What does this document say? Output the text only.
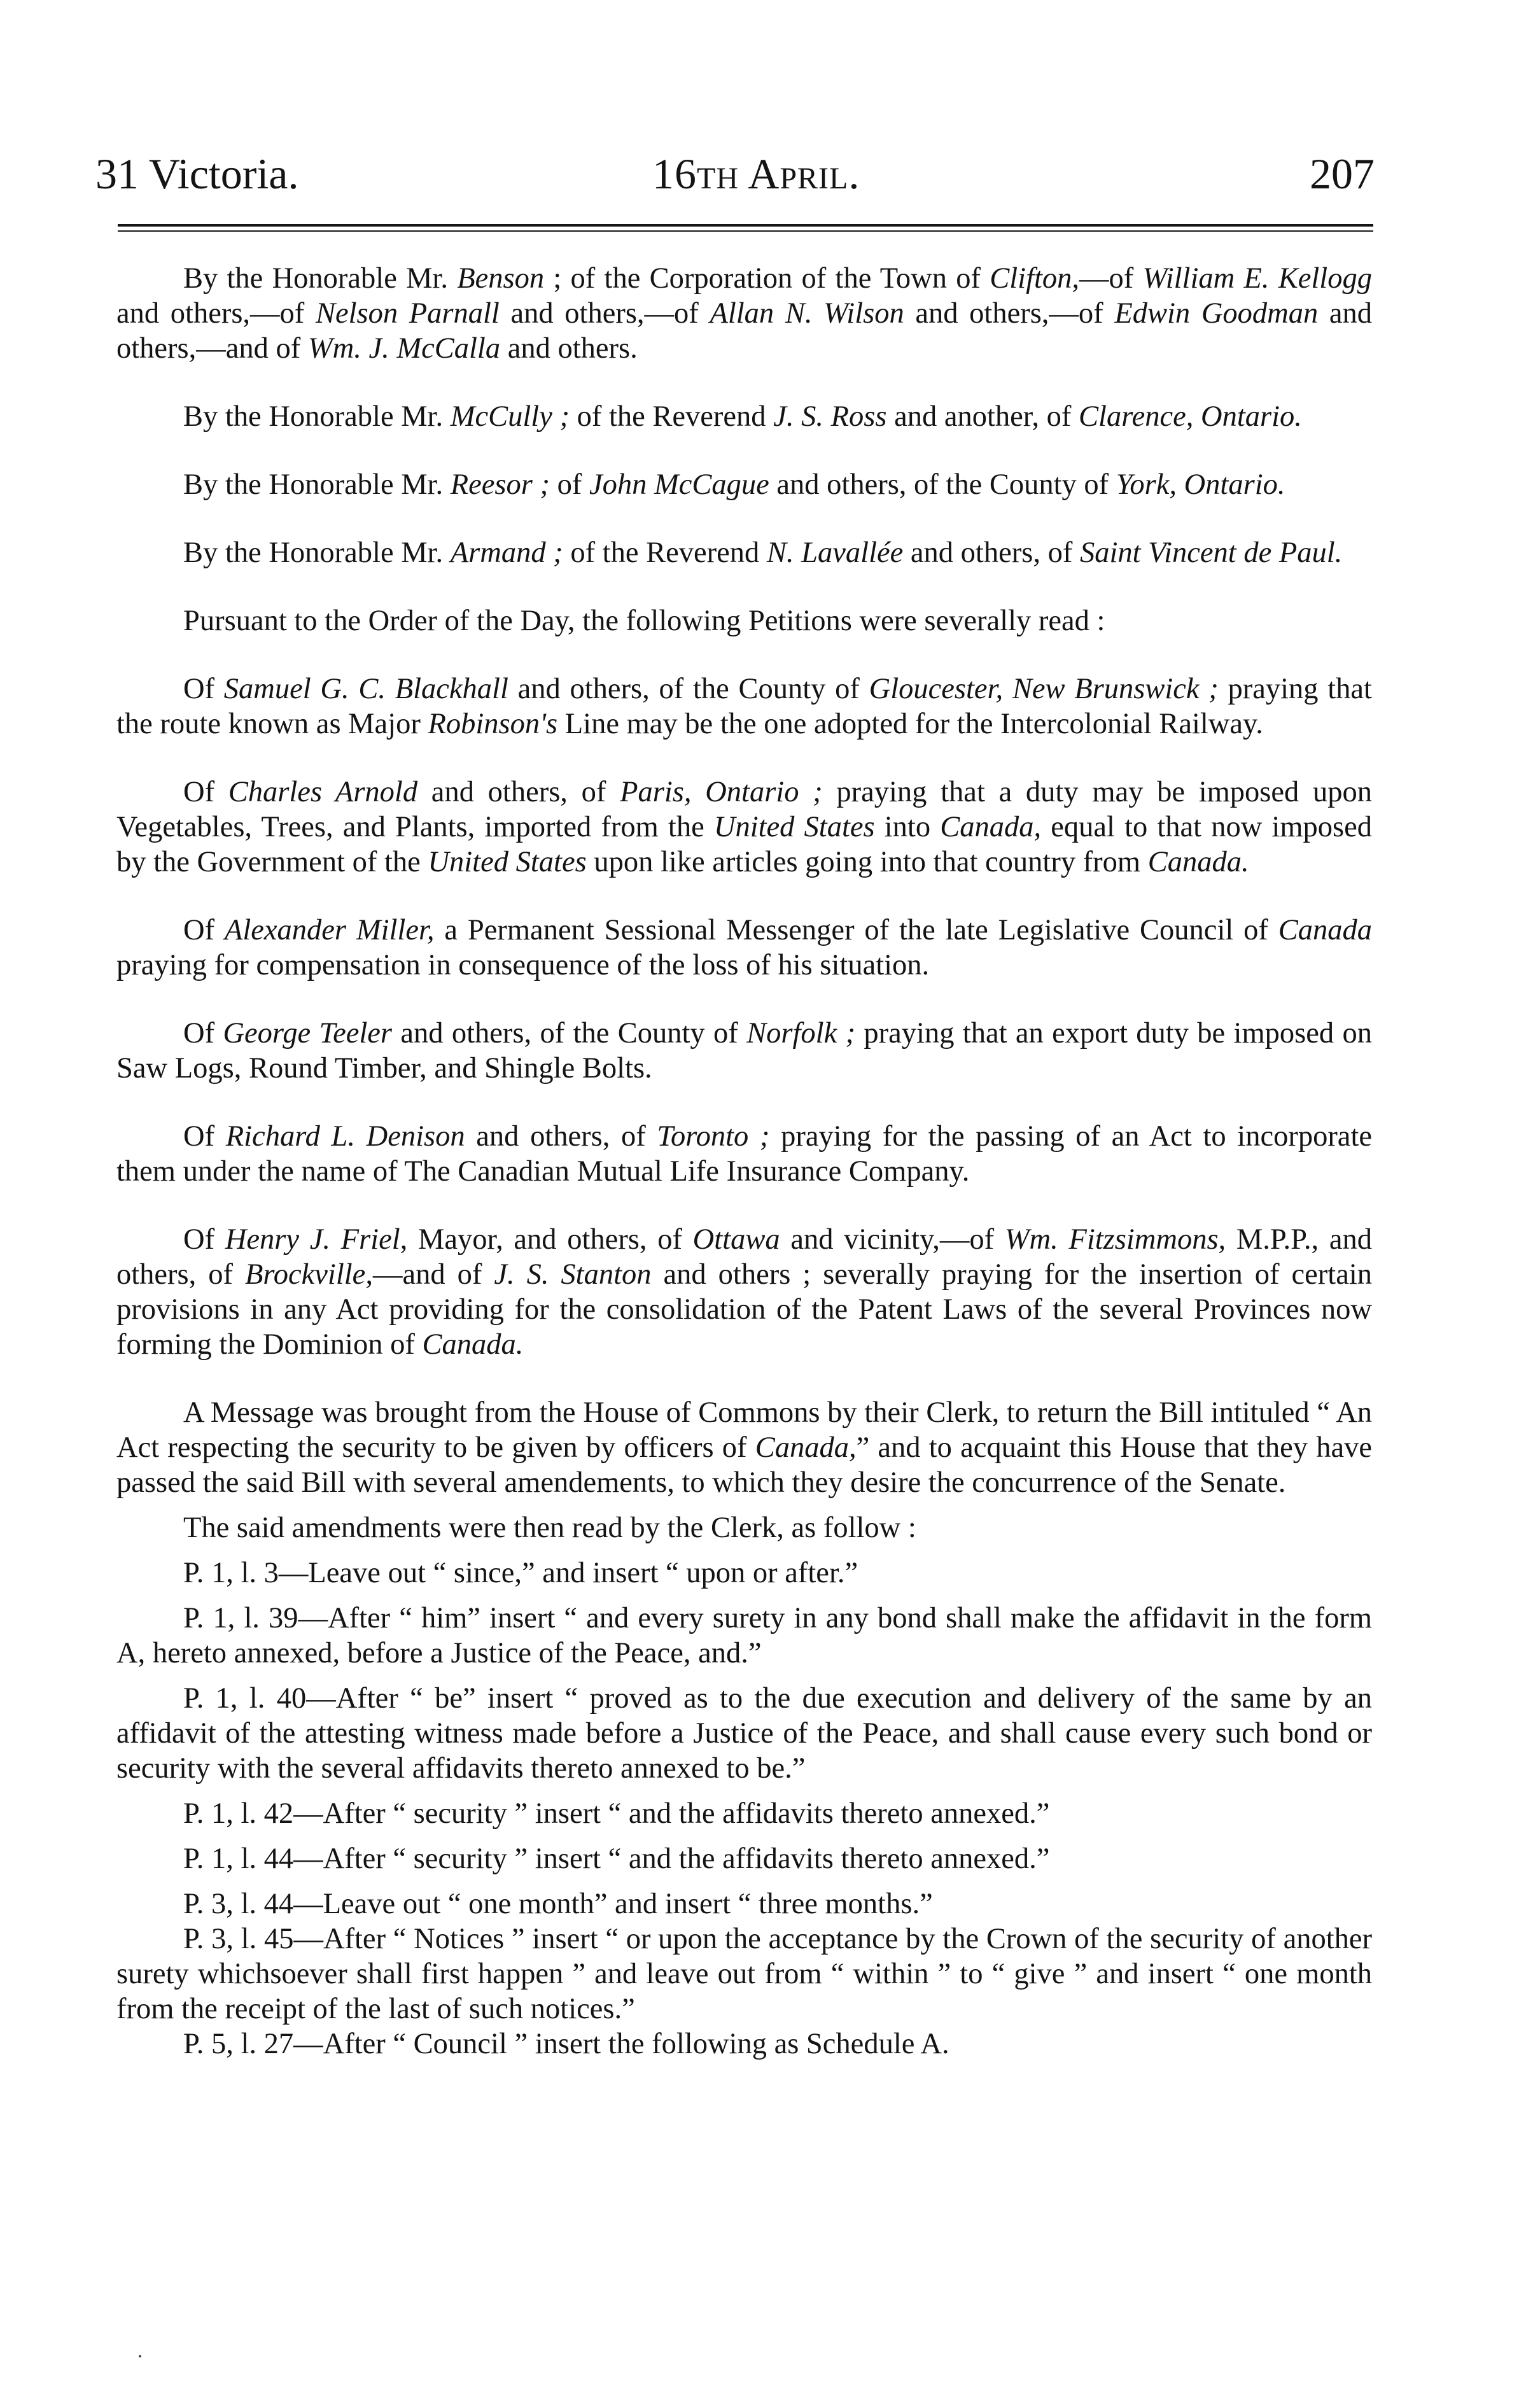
31 Victoria.	16th April.	207

By the Honorable Mr. Benson ; of the Corporation of the Town of Clifton,—of William E. Kellogg and others,—of Nelson Parnall and others,—of Allan N. Wilson and others,—of Edwin Goodman and others,—and of Wm. J. McCalla and others.

By the Honorable Mr. McCully ; of the Reverend J. S. Ross and another, of Clarence, Ontario.

By the Honorable Mr. Reesor ; of John McCague and others, of the County of York, Ontario.

By the Honorable Mr. Armand ; of the Reverend N. Lavallée and others, of Saint Vincent de Paul.

Pursuant to the Order of the Day, the following Petitions were severally read :

Of Samuel G. C. Blackhall and others, of the County of Gloucester, New Brunswick ; praying that the route known as Major Robinson's Line may be the one adopted for the Intercolonial Railway.

Of Charles Arnold and others, of Paris, Ontario ; praying that a duty may be imposed upon Vegetables, Trees, and Plants, imported from the United States into Canada, equal to that now imposed by the Government of the United States upon like articles going into that country from Canada.

Of Alexander Miller, a Permanent Sessional Messenger of the late Legislative Council of Canada praying for compensation in consequence of the loss of his situation.

Of George Teeler and others, of the County of Norfolk ; praying that an export duty be imposed on Saw Logs, Round Timber, and Shingle Bolts.

Of Richard L. Denison and others, of Toronto ; praying for the passing of an Act to incorporate them under the name of The Canadian Mutual Life Insurance Company.

Of Henry J. Friel, Mayor, and others, of Ottawa and vicinity,—of Wm. Fitzsimmons, M.P.P., and others, of Brockville,—and of J. S. Stanton and others ; severally praying for the insertion of certain provisions in any Act providing for the consolidation of the Patent Laws of the several Provinces now forming the Dominion of Canada.

A Message was brought from the House of Commons by their Clerk, to return the Bill intituled “ An Act respecting the security to be given by officers of Canada,” and to acquaint this House that they have passed the said Bill with several amendements, to which they desire the concurrence of the Senate.

The said amendments were then read by the Clerk, as follow :

P. 1, l. 3—Leave out “ since,” and insert “ upon or after.”

P. 1, l. 39—After “ him” insert “ and every surety in any bond shall make the affidavit in the form A, hereto annexed, before a Justice of the Peace, and.”

P. 1, l. 40—After “ be” insert “ proved as to the due execution and delivery of the same by an affidavit of the attesting witness made before a Justice of the Peace, and shall cause every such bond or security with the several affidavits thereto annexed to be.”

P. 1, l. 42—After “ security ” insert “ and the affidavits thereto annexed.”

P. 1, l. 44—After “ security ” insert “ and the affidavits thereto annexed.”

P. 3, l. 44—Leave out “ one month” and insert “ three months.”

P. 3, l. 45—After “ Notices ” insert “ or upon the acceptance by the Crown of the security of another surety whichsoever shall first happen ” and leave out from “ within ” to “ give ” and insert “ one month from the receipt of the last of such notices.”

P. 5, l. 27—After “ Council ” insert the following as Schedule A.
